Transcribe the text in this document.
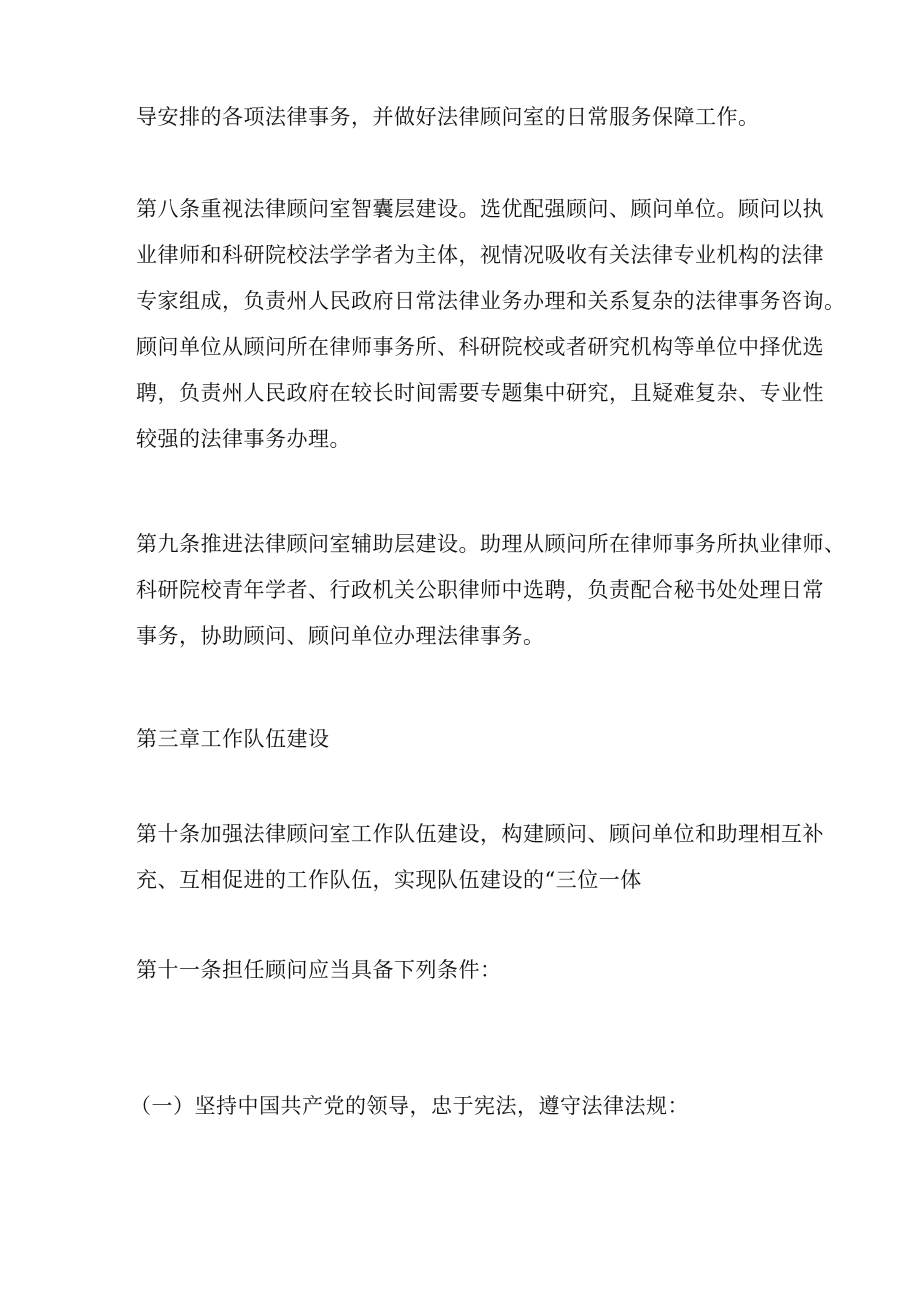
导安排的各项法律事务，并做好法律顾问室的日常服务保障工作。

第八条重视法律顾问室智囊层建设。选优配强顾问、顾问单位。顾问以执
业律师和科研院校法学学者为主体，视情况吸收有关法律专业机构的法律
专家组成，负责州人民政府日常法律业务办理和关系复杂的法律事务咨询。
顾问单位从顾问所在律师事务所、科研院校或者研究机构等单位中择优选
聘，负责州人民政府在较长时间需要专题集中研究，且疑难复杂、专业性
较强的法律事务办理。

第九条推进法律顾问室辅助层建设。助理从顾问所在律师事务所执业律师、
科研院校青年学者、行政机关公职律师中选聘，负责配合秘书处处理日常
事务，协助顾问、顾问单位办理法律事务。

第三章工作队伍建设

第十条加强法律顾问室工作队伍建设，构建顾问、顾问单位和助理相互补
充、互相促进的工作队伍，实现队伍建设的“三位一体

第十一条担任顾问应当具备下列条件：

（一）坚持中国共产党的领导，忠于宪法，遵守法律法规：
